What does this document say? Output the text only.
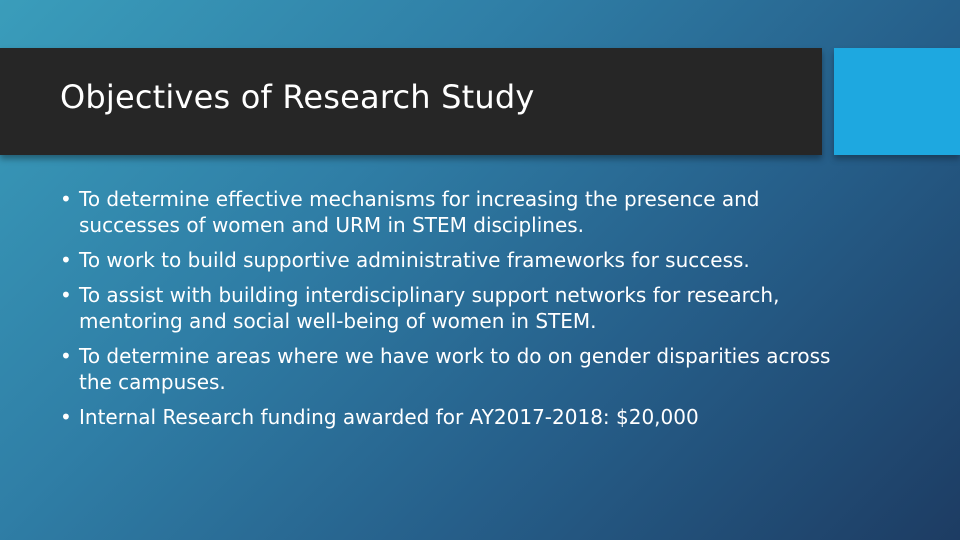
Objectives of Research Study
• To determine effective mechanisms for increasing the presence and successes of women and URM in STEM disciplines.
• To work to build supportive administrative frameworks for success.
• To assist with building interdisciplinary support networks for research, mentoring and social well-being of women in STEM.
• To determine areas where we have work to do on gender disparities across the campuses.
• Internal Research funding awarded for AY2017-2018: $20,000
